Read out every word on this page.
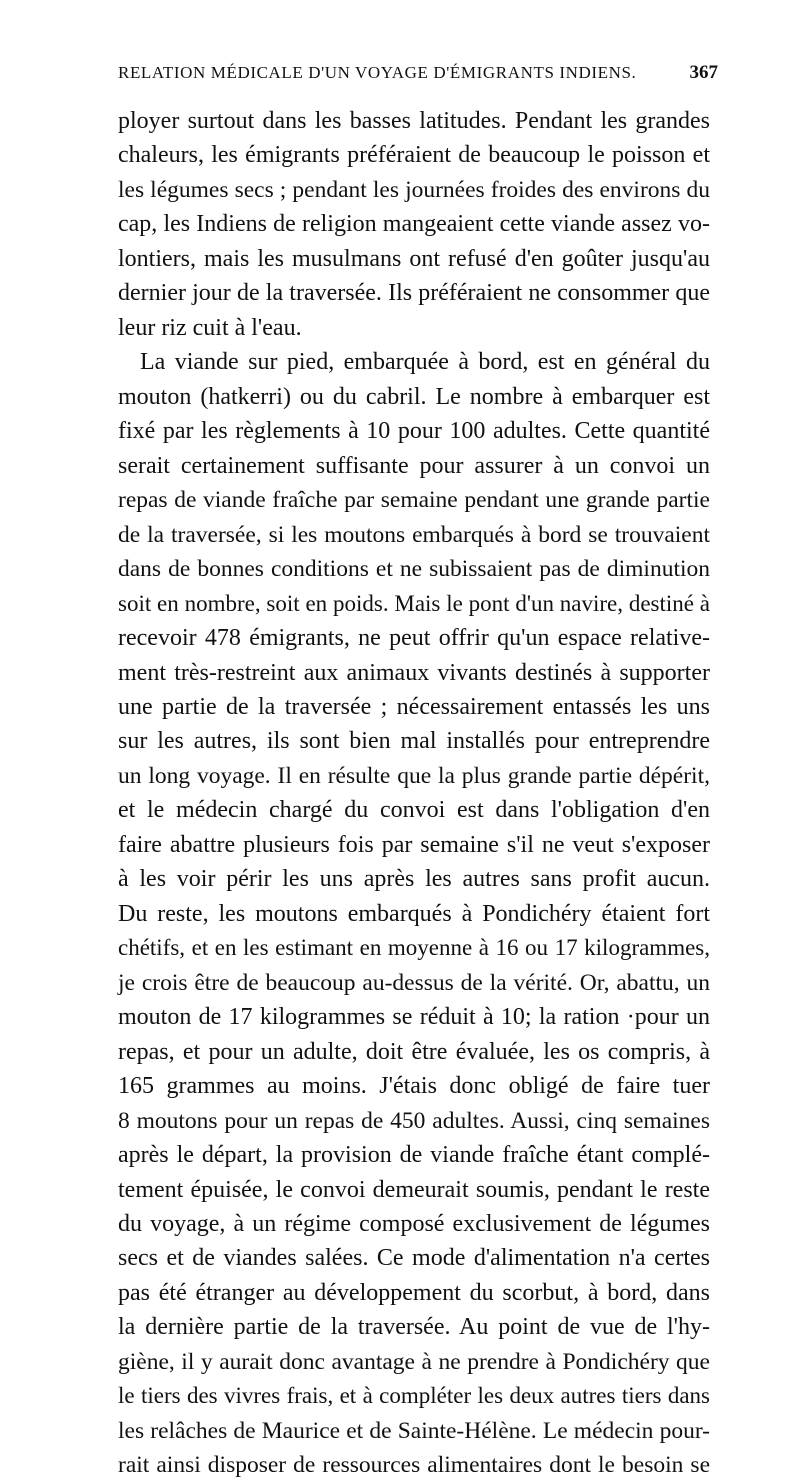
RELATION MÉDICALE D'UN VOYAGE D'ÉMIGRANTS INDIENS.	367
ployer surtout dans les basses latitudes. Pendant les grandes
chaleurs, les émigrants préféraient de beaucoup le poisson et
les légumes secs ; pendant les journées froides des environs du
cap, les Indiens de religion mangeaient cette viande assez vo-
lontiers, mais les musulmans ont refusé d'en goûter jusqu'au
dernier jour de la traversée. Ils préféraient ne consommer que
leur riz cuit à l'eau.
La viande sur pied, embarquée à bord, est en général du
mouton (hatkerri) ou du cabril. Le nombre à embarquer est
fixé par les règlements à 10 pour 100 adultes. Cette quantité
serait certainement suffisante pour assurer à un convoi un
repas de viande fraîche par semaine pendant une grande partie
de la traversée, si les moutons embarqués à bord se trouvaient
dans de bonnes conditions et ne subissaient pas de diminution
soit en nombre, soit en poids. Mais le pont d'un navire, destiné à
recevoir 478 émigrants, ne peut offrir qu'un espace relative-
ment très-restreint aux animaux vivants destinés à supporter
une partie de la traversée ; nécessairement entassés les uns
sur les autres, ils sont bien mal installés pour entreprendre
un long voyage. Il en résulte que la plus grande partie dépérit,
et le médecin chargé du convoi est dans l'obligation d'en
faire abattre plusieurs fois par semaine s'il ne veut s'exposer
à les voir périr les uns après les autres sans profit aucun.
Du reste, les moutons embarqués à Pondichéry étaient fort
chétifs, et en les estimant en moyenne à 16 ou 17 kilogrammes,
je crois être de beaucoup au-dessus de la vérité. Or, abattu, un
mouton de 17 kilogrammes se réduit à 10; la ration ·pour un
repas, et pour un adulte, doit être évaluée, les os compris, à
165 grammes au moins. J'étais donc obligé de faire tuer
8 moutons pour un repas de 450 adultes. Aussi, cinq semaines
après le départ, la provision de viande fraîche étant complé-
tement épuisée, le convoi demeurait soumis, pendant le reste
du voyage, à un régime composé exclusivement de légumes
secs et de viandes salées. Ce mode d'alimentation n'a certes
pas été étranger au développement du scorbut, à bord, dans
la dernière partie de la traversée. Au point de vue de l'hy-
giène, il y aurait donc avantage à ne prendre à Pondichéry que
le tiers des vivres frais, et à compléter les deux autres tiers dans
les relâches de Maurice et de Sainte-Hélène. Le médecin pour-
rait ainsi disposer de ressources alimentaires dont le besoin se
